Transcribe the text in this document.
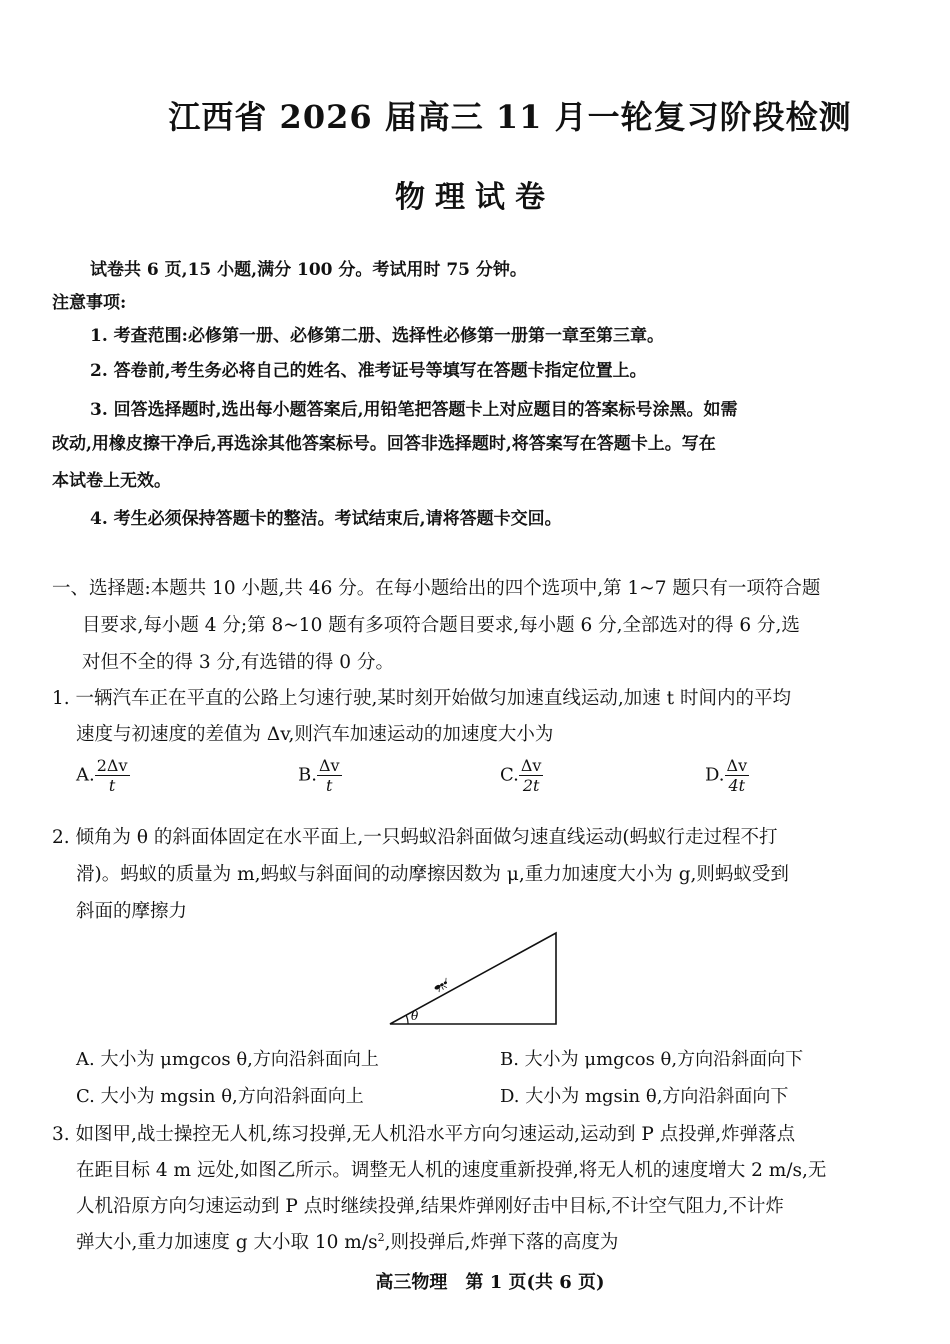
江西省 2026 届高三 11 月一轮复习阶段检测
物理试卷
试卷共 6 页,15 小题,满分 100 分。考试用时 75 分钟。
注意事项:
1. 考查范围:必修第一册、必修第二册、选择性必修第一册第一章至第三章。
2. 答卷前,考生务必将自己的姓名、准考证号等填写在答题卡指定位置上。
3. 回答选择题时,选出每小题答案后,用铅笔把答题卡上对应题目的答案标号涂黑。如需
改动,用橡皮擦干净后,再选涂其他答案标号。回答非选择题时,将答案写在答题卡上。写在
本试卷上无效。
4. 考生必须保持答题卡的整洁。考试结束后,请将答题卡交回。
一、选择题:本题共 10 小题,共 46 分。在每小题给出的四个选项中,第 1~7 题只有一项符合题
目要求,每小题 4 分;第 8~10 题有多项符合题目要求,每小题 6 分,全部选对的得 6 分,选
对但不全的得 3 分,有选错的得 0 分。
1. 一辆汽车正在平直的公路上匀速行驶,某时刻开始做匀加速直线运动,加速 t 时间内的平均
速度与初速度的差值为 Δv,则汽车加速运动的加速度大小为
A. $\frac{2\Delta v}{t}$	B. $\frac{\Delta v}{t}$	C. $\frac{\Delta v}{2t}$	D. $\frac{\Delta v}{4t}$
2. 倾角为 θ 的斜面体固定在水平面上,一只蚂蚁沿斜面做匀速直线运动(蚂蚁行走过程不打
滑)。蚂蚁的质量为 m,蚂蚁与斜面间的动摩擦因数为 μ,重力加速度大小为 g,则蚂蚁受到
斜面的摩擦力
θ
A. 大小为 μmgcos θ,方向沿斜面向上	B. 大小为 μmgcos θ,方向沿斜面向下
C. 大小为 mgsin θ,方向沿斜面向上	D. 大小为 mgsin θ,方向沿斜面向下
3. 如图甲,战士操控无人机,练习投弹,无人机沿水平方向匀速运动,运动到 P 点投弹,炸弹落点
在距目标 4 m 远处,如图乙所示。调整无人机的速度重新投弹,将无人机的速度增大 2 m/s,无
人机沿原方向匀速运动到 P 点时继续投弹,结果炸弹刚好击中目标,不计空气阻力,不计炸
弹大小,重力加速度 g 大小取 10 $m/s^2$,则投弹后,炸弹下落的高度为
高三物理　第 1 页(共 6 页)
